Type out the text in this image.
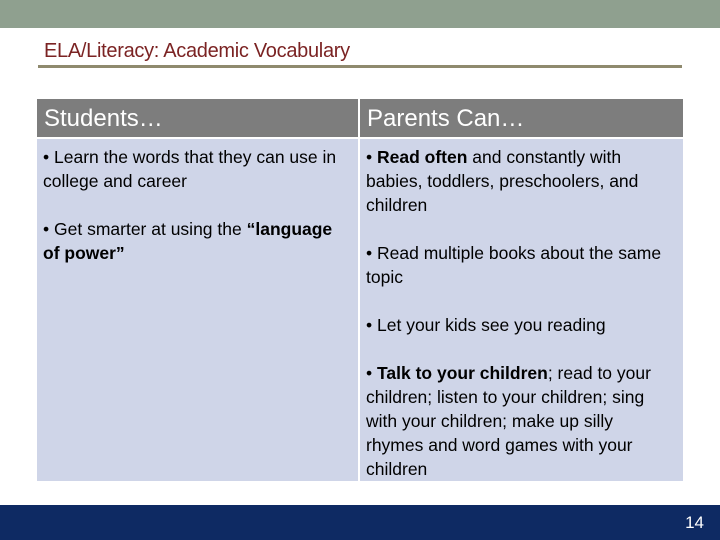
ELA/Literacy: Academic Vocabulary
Students…
• Learn the words that they can use in college and career
• Get smarter at using the “language of power”
Parents Can…
• Read often and constantly with babies, toddlers, preschoolers, and children
• Read multiple books about the same topic
• Let your kids see you reading
• Talk to your children; read to your children; listen to your children; sing with your children; make up silly rhymes and word games with your children
14
